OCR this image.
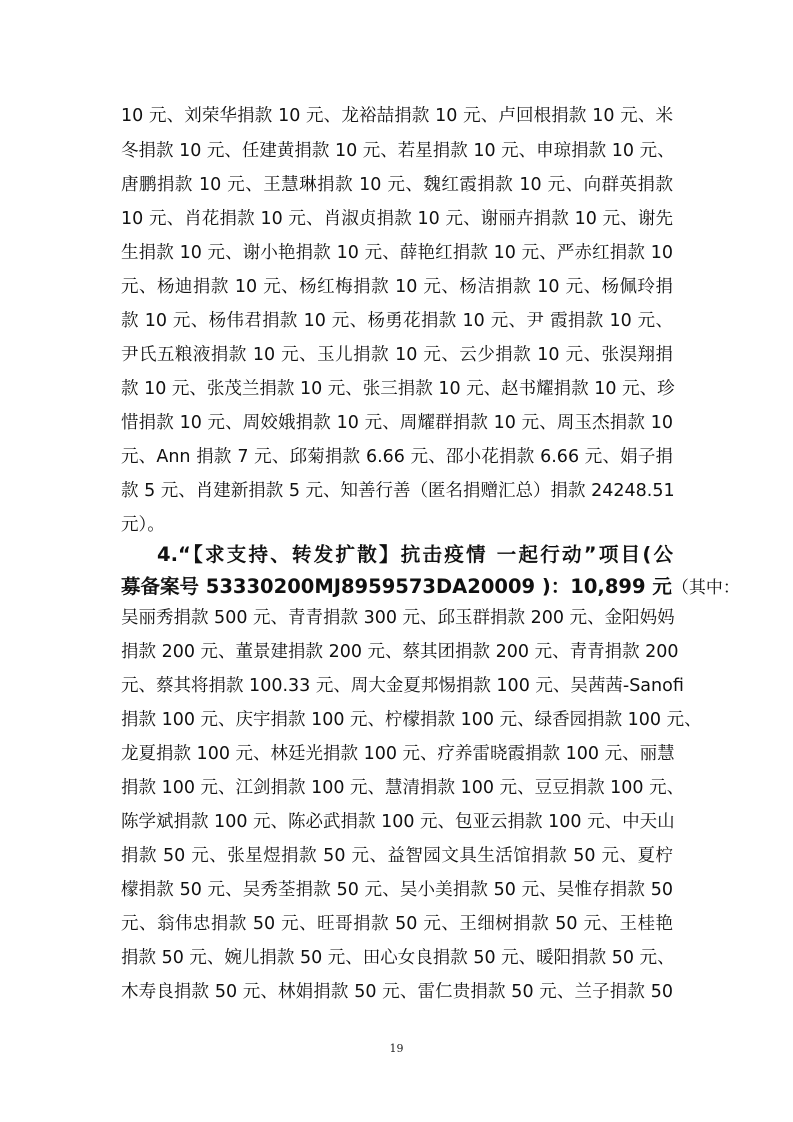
10 元、刘荣华捐款 10 元、龙裕喆捐款 10 元、卢回根捐款 10 元、米
冬捐款 10 元、任建黄捐款 10 元、若星捐款 10 元、申琼捐款 10 元、
唐鹏捐款 10 元、王慧琳捐款 10 元、魏红霞捐款 10 元、向群英捐款
10 元、肖花捐款 10 元、肖淑贞捐款 10 元、谢丽卉捐款 10 元、谢先
生捐款 10 元、谢小艳捐款 10 元、薛艳红捐款 10 元、严赤红捐款 10
元、杨迪捐款 10 元、杨红梅捐款 10 元、杨洁捐款 10 元、杨佩玲捐
款 10 元、杨伟君捐款 10 元、杨勇花捐款 10 元、尹 霞捐款 10 元、
尹氏五粮液捐款 10 元、玉儿捐款 10 元、云少捐款 10 元、张淏翔捐
款 10 元、张茂兰捐款 10 元、张三捐款 10 元、赵书耀捐款 10 元、珍
惜捐款 10 元、周姣娥捐款 10 元、周耀群捐款 10 元、周玉杰捐款 10
元、Ann 捐款 7 元、邱菊捐款 6.66 元、邵小花捐款 6.66 元、娟子捐
款 5 元、肖建新捐款 5 元、知善行善（匿名捐赠汇总）捐款 24248.51
元）。
4.“【求支持、转发扩散】抗击疫情 一起行动”项目(公
募备案号 53330200MJ8959573DA20009 )：10,899 元（其中：
吴丽秀捐款 500 元、青青捐款 300 元、邱玉群捐款 200 元、金阳妈妈
捐款 200 元、董景建捐款 200 元、蔡其团捐款 200 元、青青捐款 200
元、蔡其将捐款 100.33 元、周大金夏邦惕捐款 100 元、吴茜茜-Sanofi
捐款 100 元、庆宇捐款 100 元、柠檬捐款 100 元、绿香园捐款 100 元、
龙夏捐款 100 元、林廷光捐款 100 元、疗养雷晓霞捐款 100 元、丽慧
捐款 100 元、江剑捐款 100 元、慧清捐款 100 元、豆豆捐款 100 元、
陈学斌捐款 100 元、陈必武捐款 100 元、包亚云捐款 100 元、中天山
捐款 50 元、张星煜捐款 50 元、益智园文具生活馆捐款 50 元、夏柠
檬捐款 50 元、吴秀荃捐款 50 元、吴小美捐款 50 元、吴惟存捐款 50
元、翁伟忠捐款 50 元、旺哥捐款 50 元、王细树捐款 50 元、王桂艳
捐款 50 元、婉儿捐款 50 元、田心女良捐款 50 元、暖阳捐款 50 元、
木寿良捐款 50 元、林娟捐款 50 元、雷仁贵捐款 50 元、兰子捐款 50
19
